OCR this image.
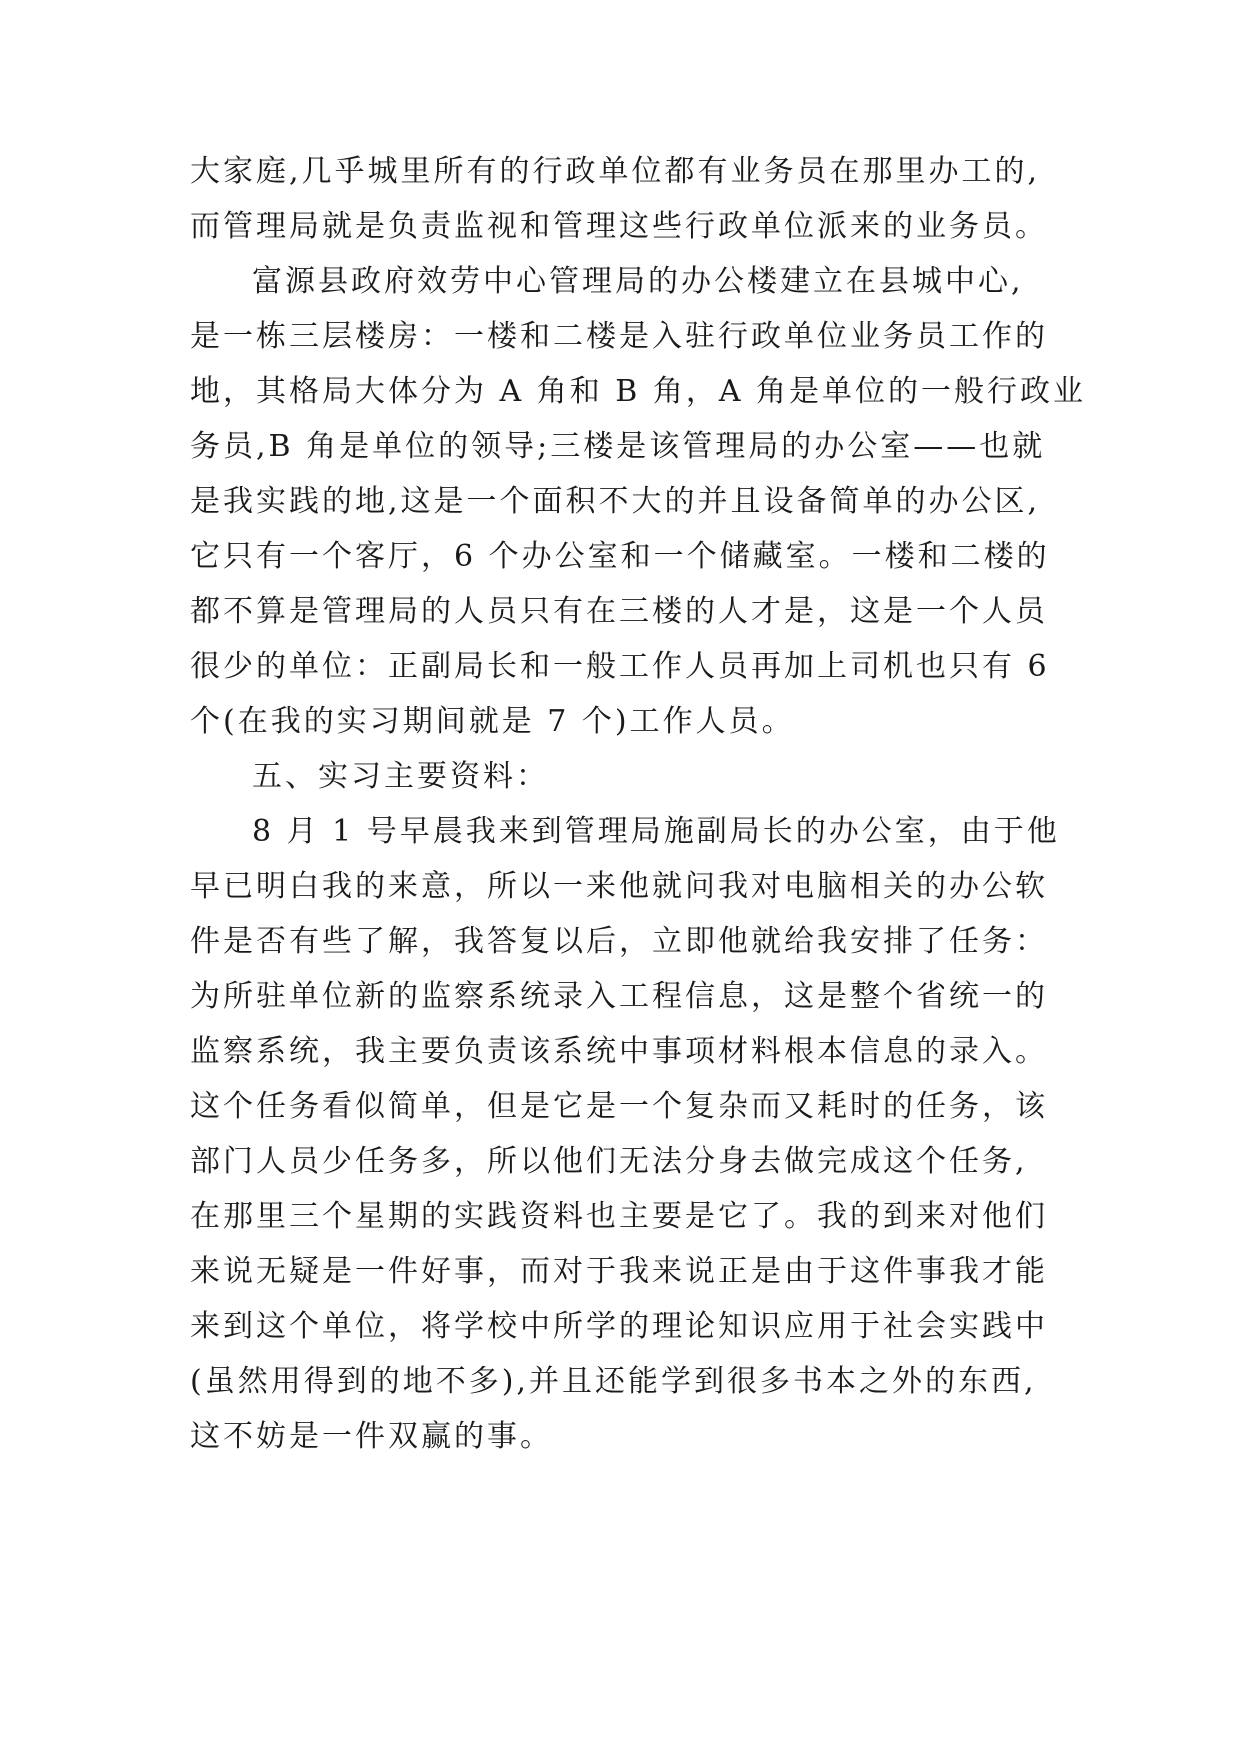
大家庭,几乎城里所有的行政单位都有业务员在那里办工的,

而管理局就是负责监视和管理这些行政单位派来的业务员。

富源县政府效劳中心管理局的办公楼建立在县城中心,

是一栋三层楼房：一楼和二楼是入驻行政单位业务员工作的

地，其格局大体分为 A 角和 B 角，A 角是单位的一般行政业

务员,B 角是单位的领导;三楼是该管理局的办公室——也就

是我实践的地,这是一个面积不大的并且设备简单的办公区,

它只有一个客厅，6 个办公室和一个储藏室。一楼和二楼的

都不算是管理局的人员只有在三楼的人才是，这是一个人员

很少的单位：正副局长和一般工作人员再加上司机也只有 6

个(在我的实习期间就是 7 个)工作人员。

五、实习主要资料：

8 月 1 号早晨我来到管理局施副局长的办公室，由于他

早已明白我的来意，所以一来他就问我对电脑相关的办公软

件是否有些了解，我答复以后，立即他就给我安排了任务：

为所驻单位新的监察系统录入工程信息，这是整个省统一的

监察系统，我主要负责该系统中事项材料根本信息的录入。

这个任务看似简单，但是它是一个复杂而又耗时的任务，该

部门人员少任务多，所以他们无法分身去做完成这个任务,

在那里三个星期的实践资料也主要是它了。我的到来对他们

来说无疑是一件好事，而对于我来说正是由于这件事我才能

来到这个单位，将学校中所学的理论知识应用于社会实践中

(虽然用得到的地不多),并且还能学到很多书本之外的东西,

这不妨是一件双赢的事。
